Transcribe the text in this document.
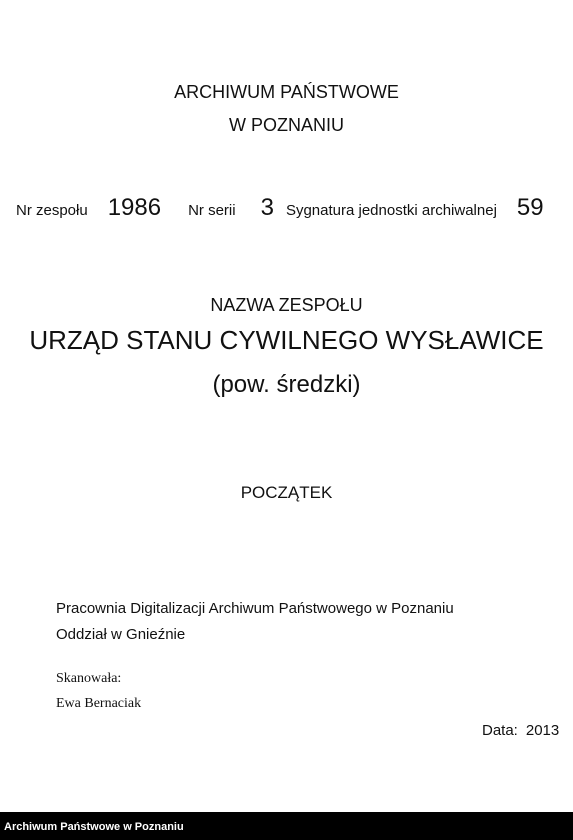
ARCHIWUM PAŃSTWOWE
W POZNANIU
Nr zespołu 1986 Nr serii 3 Sygnatura jednostki archiwalnej 59
NAZWA ZESPOŁU
URZĄD STANU CYWILNEGO WYSŁAWICE
(pow. średzki)
POCZĄTEK
Pracownia Digitalizacji Archiwum Państwowego w Poznaniu
Oddział w Gnieźnie
Skanowała:
Ewa Bernaciak
Data: 2013
Archiwum Państwowe w Poznaniu
